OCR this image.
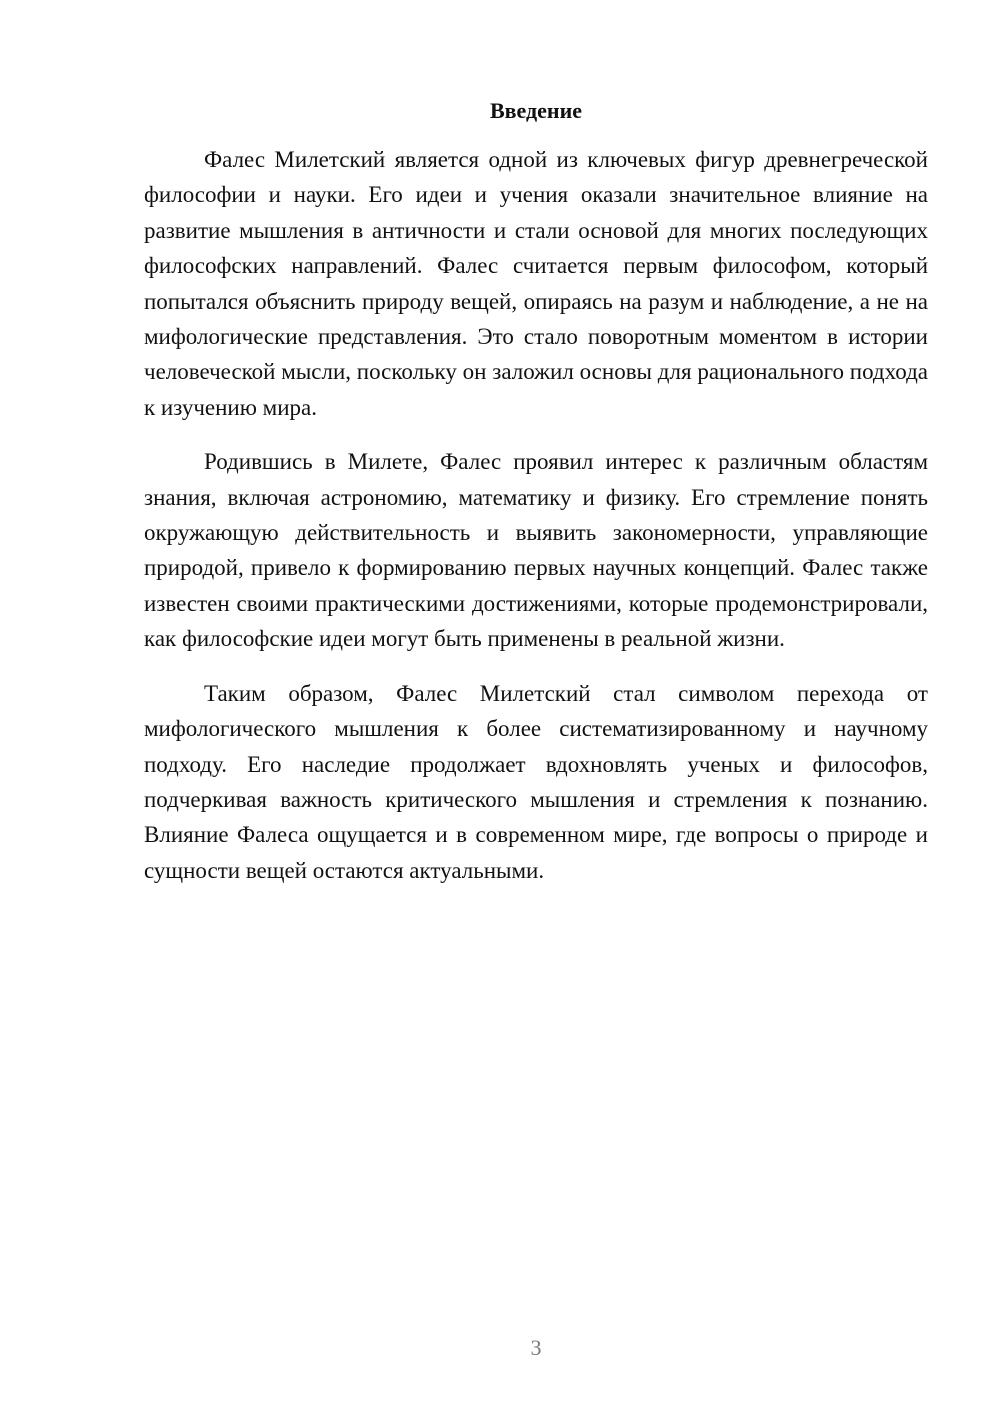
Введение

Фалес Милетский является одной из ключевых фигур древнегреческой философии и науки. Его идеи и учения оказали значительное влияние на развитие мышления в античности и стали основой для многих последующих философских направлений. Фалес считается первым философом, который попытался объяснить природу вещей, опираясь на разум и наблюдение, а не на мифологические представления. Это стало поворотным моментом в истории человеческой мысли, поскольку он заложил основы для рационального подхода к изучению мира.

Родившись в Милете, Фалес проявил интерес к различным областям знания, включая астрономию, математику и физику. Его стремление понять окружающую действительность и выявить закономерности, управляющие природой, привело к формированию первых научных концепций. Фалес также известен своими практическими достижениями, которые продемонстрировали, как философские идеи могут быть применены в реальной жизни.

Таким образом, Фалес Милетский стал символом перехода от мифологического мышления к более систематизированному и научному подходу. Его наследие продолжает вдохновлять ученых и философов, подчеркивая важность критического мышления и стремления к познанию. Влияние Фалеса ощущается и в современном мире, где вопросы о природе и сущности вещей остаются актуальными.

3
